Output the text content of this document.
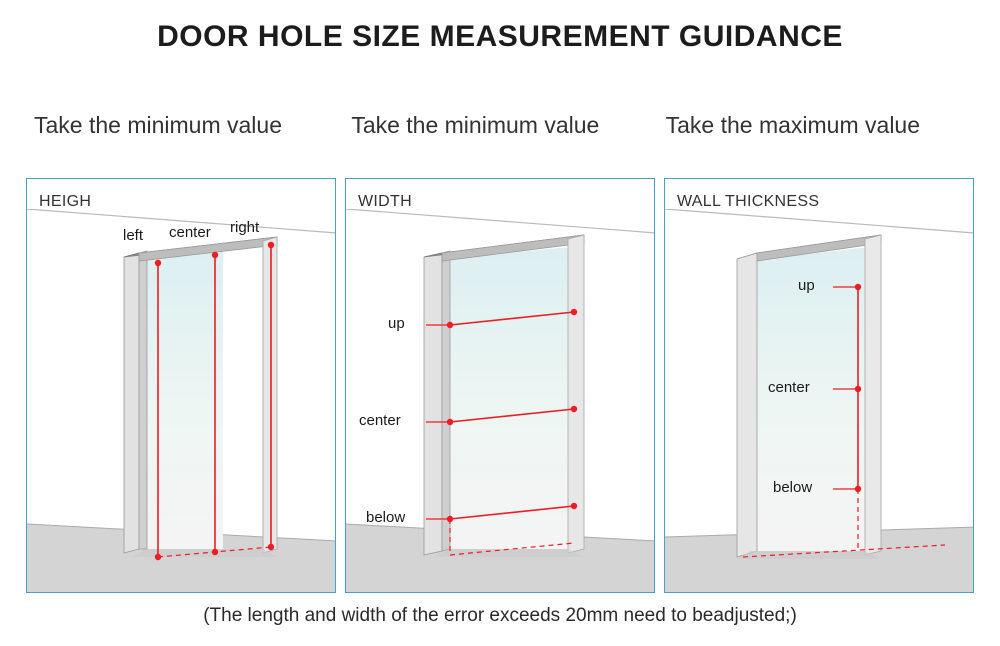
DOOR HOLE SIZE MEASUREMENT GUIDANCE
Take the minimum value	Take the minimum value	Take the maximum value
HEIGH
left center right
WIDTH
up
center
below
WALL THICKNESS
up
center
below
(The length and width of the error exceeds 20mm need to beadjusted;)
